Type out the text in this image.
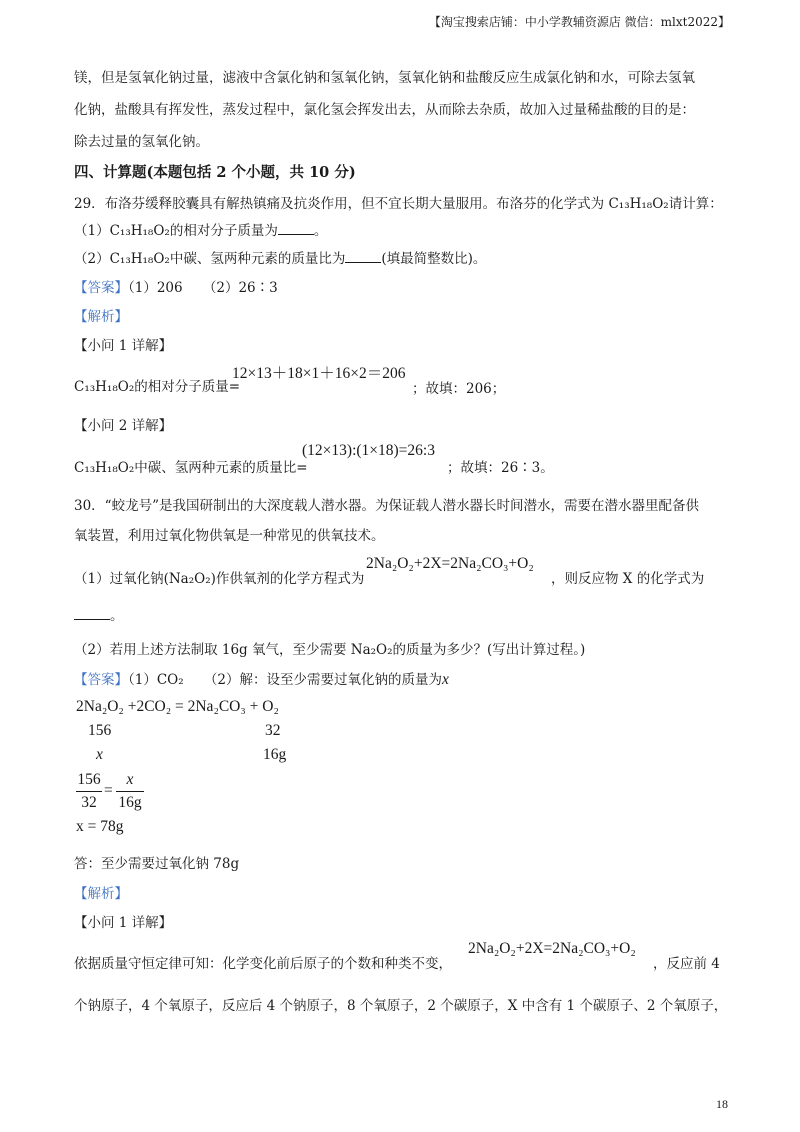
【淘宝搜索店铺：中小学教辅资源店 微信：mlxt2022】
镁，但是氢氧化钠过量，滤液中含氯化钠和氢氧化钠，氢氧化钠和盐酸反应生成氯化钠和水，可除去氢氧
化钠，盐酸具有挥发性，蒸发过程中，氯化氢会挥发出去，从而除去杂质，故加入过量稀盐酸的目的是：
除去过量的氢氧化钠。
四、计算题(本题包括 2 个小题，共 10 分)
29．布洛芬缓释胶囊具有解热镇痛及抗炎作用，但不宜长期大量服用。布洛芬的化学式为 C₁₃H₁₈O₂请计算：
（1）C₁₃H₁₈O₂的相对分子质量为	。
（2）C₁₃H₁₈O₂中碳、氢两种元素的质量比为	(填最简整数比)。
【答案】（1）206　　（2）26∶3
【解析】
【小问 1 详解】
C₁₃H₁₈O₂的相对分子质量=
12×13＋18×1＋16×2＝206
；故填：206；
【小问 2 详解】
C₁₃H₁₈O₂中碳、氢两种元素的质量比=
(12×13):(1×18)=26:3
；故填：26∶3。
30．“蛟龙号”是我国研制出的大深度载人潜水器。为保证载人潜水器长时间潜水，需要在潜水器里配备供
氧装置，利用过氧化物供氧是一种常见的供氧技术。
（1）过氧化钠(Na₂O₂)作供氧剂的化学方程式为
2Na₂O₂+2X=2Na₂CO₃+O₂
，则反应物 X 的化学式为
。
（2）若用上述方法制取 16g 氧气，至少需要 Na₂O₂的质量为多少？(写出计算过程。)
【答案】（1）CO₂　　（2）解：设至少需要过氧化钠的质量为x
2Na₂O₂ +2CO₂ = 2Na₂CO₃ + O₂
156	32
x	16g
156
32
=
x
16g
x = 78g
答：至少需要过氧化钠 78g
【解析】
【小问 1 详解】
依据质量守恒定律可知：化学变化前后原子的个数和种类不变，
2Na₂O₂+2X=2Na₂CO₃+O₂
，反应前 4
个钠原子，4 个氧原子，反应后 4 个钠原子，8 个氧原子，2 个碳原子，X 中含有 1 个碳原子、2 个氧原子，
18
